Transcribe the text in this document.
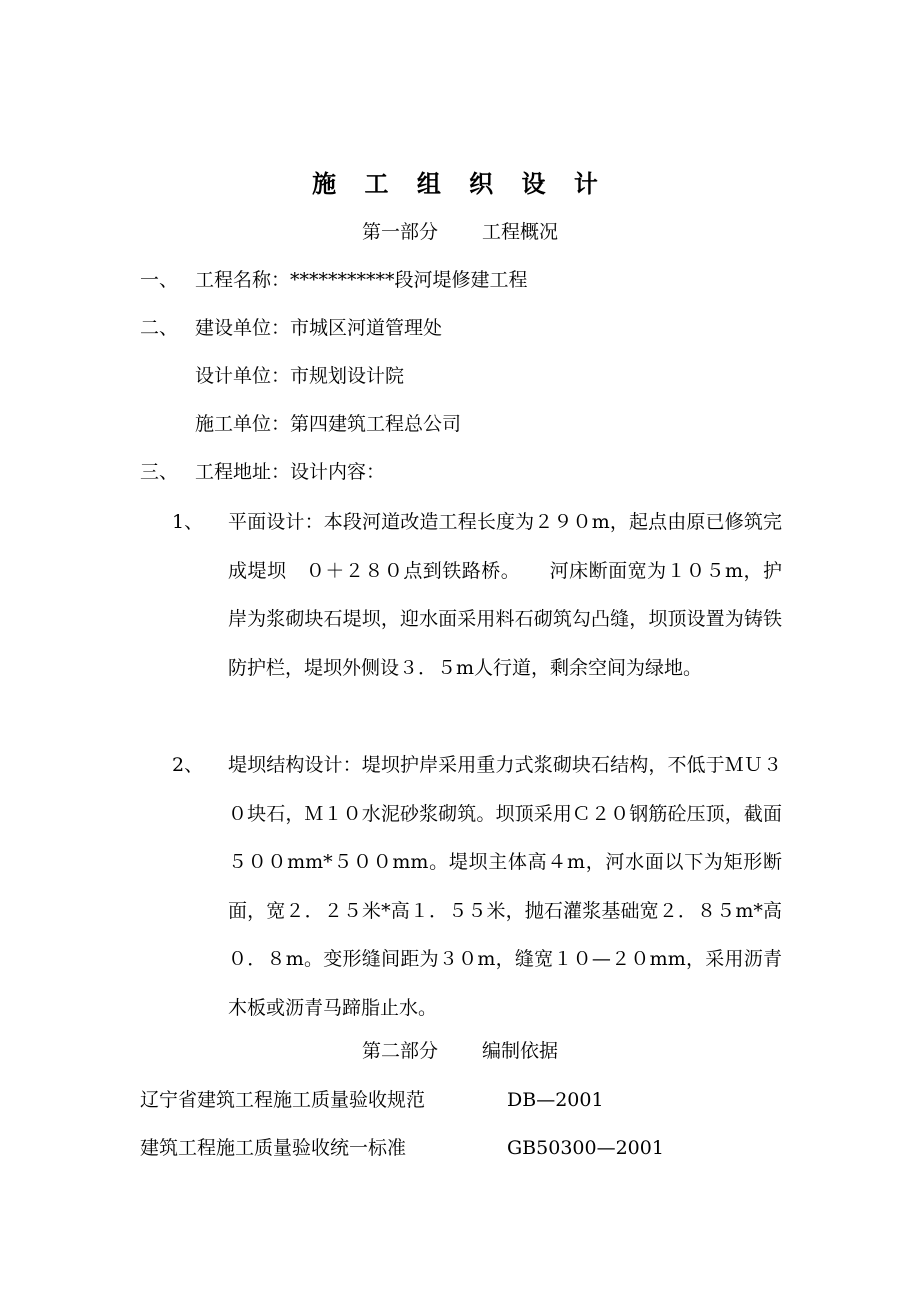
施 工 组 织 设 计
第一部分 工程概况
一、 工程名称：***********段河堤修建工程
二、 建设单位：市城区河道管理处
设计单位：市规划设计院
施工单位：第四建筑工程总公司
三、 工程地址：设计内容：
1、 平面设计：本段河道改造工程长度为２９０m，起点由原已修筑完成堤坝　０＋２８０点到铁路桥。　　河床断面宽为１０５m，护岸为浆砌块石堤坝，迎水面采用料石砌筑勾凸缝，坝顶设置为铸铁防护栏，堤坝外侧设３．５m人行道，剩余空间为绿地。
2、 堤坝结构设计：堤坝护岸采用重力式浆砌块石结构，不低于ＭＵ３０块石，Ｍ１０水泥砂浆砌筑。坝顶采用Ｃ２０钢筋砼压顶，截面５００mm*５００mm。堤坝主体高４m，河水面以下为矩形断面，宽２．２５米*高１．５５米，抛石灌浆基础宽２．８５m*高０．８m。变形缝间距为３０m，缝宽１０—２０mm，采用沥青木板或沥青马蹄脂止水。
第二部分 编制依据
辽宁省建筑工程施工质量验收规范	DB—2001
建筑工程施工质量验收统一标准	GB50300—2001
